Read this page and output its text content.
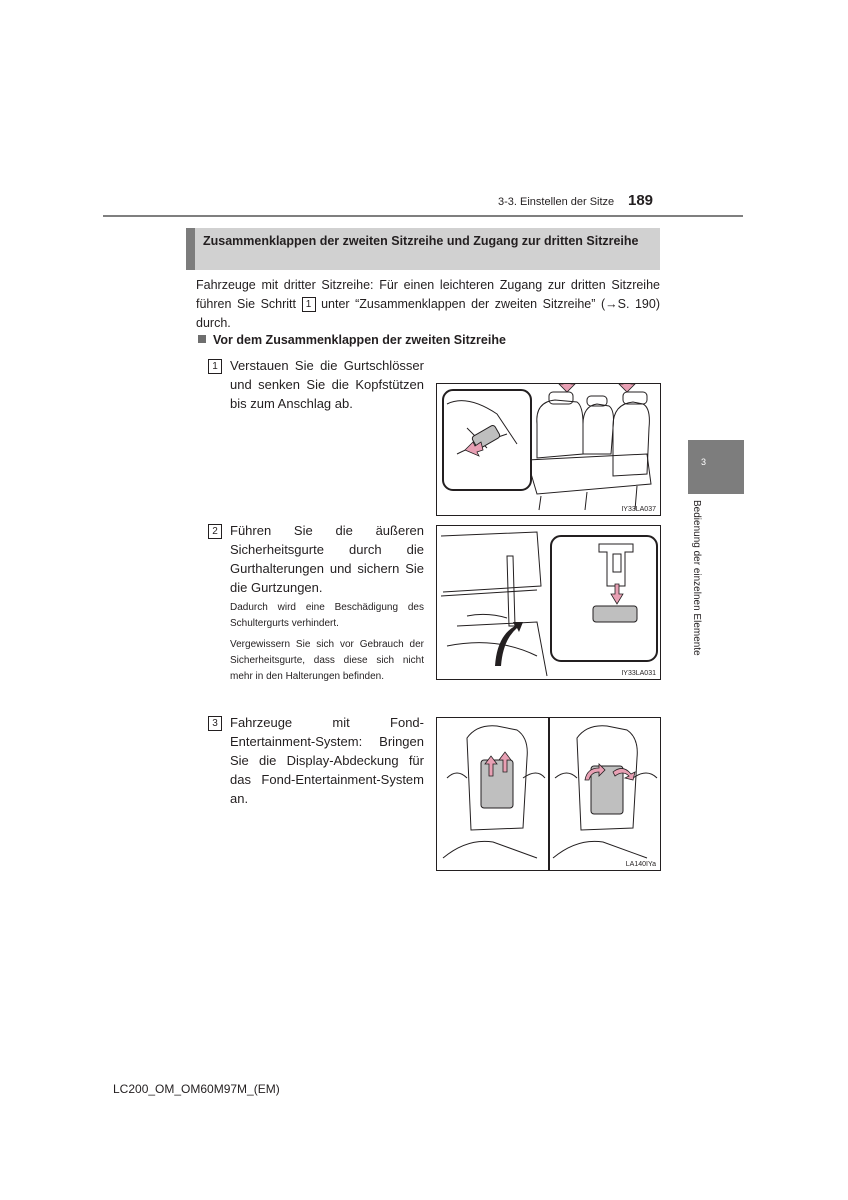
3-3. Einstellen der Sitze 189
3
Bedienung der einzelnen Elemente
Zusammenklappen der zweiten Sitzreihe und Zugang zur dritten Sitzreihe
Fahrzeuge mit dritter Sitzreihe: Für einen leichteren Zugang zur dritten Sitzreihe führen Sie Schritt 1 unter “Zusammenklappen der zweiten Sitzreihe” (→S. 190) durch.
Vor dem Zusammenklappen der zweiten Sitzreihe
1 Verstauen Sie die Gurtschlösser und senken Sie die Kopfstützen bis zum Anschlag ab.
IY33LA037
2 Führen Sie die äußeren Sicherheitsgurte durch die Gurthalterungen und sichern Sie die Gurtzungen.
Dadurch wird eine Beschädigung des Schultergurts verhindert.
Vergewissern Sie sich vor Gebrauch der Sicherheitsgurte, dass diese sich nicht mehr in den Halterungen befinden.	IY33LA031
3 Fahrzeuge mit Fond-Entertainment-System: Bringen Sie die Display-Abdeckung für das Fond-Entertainment-System an.
LA140IYa
LC200_OM_OM60M97M_(EM)
